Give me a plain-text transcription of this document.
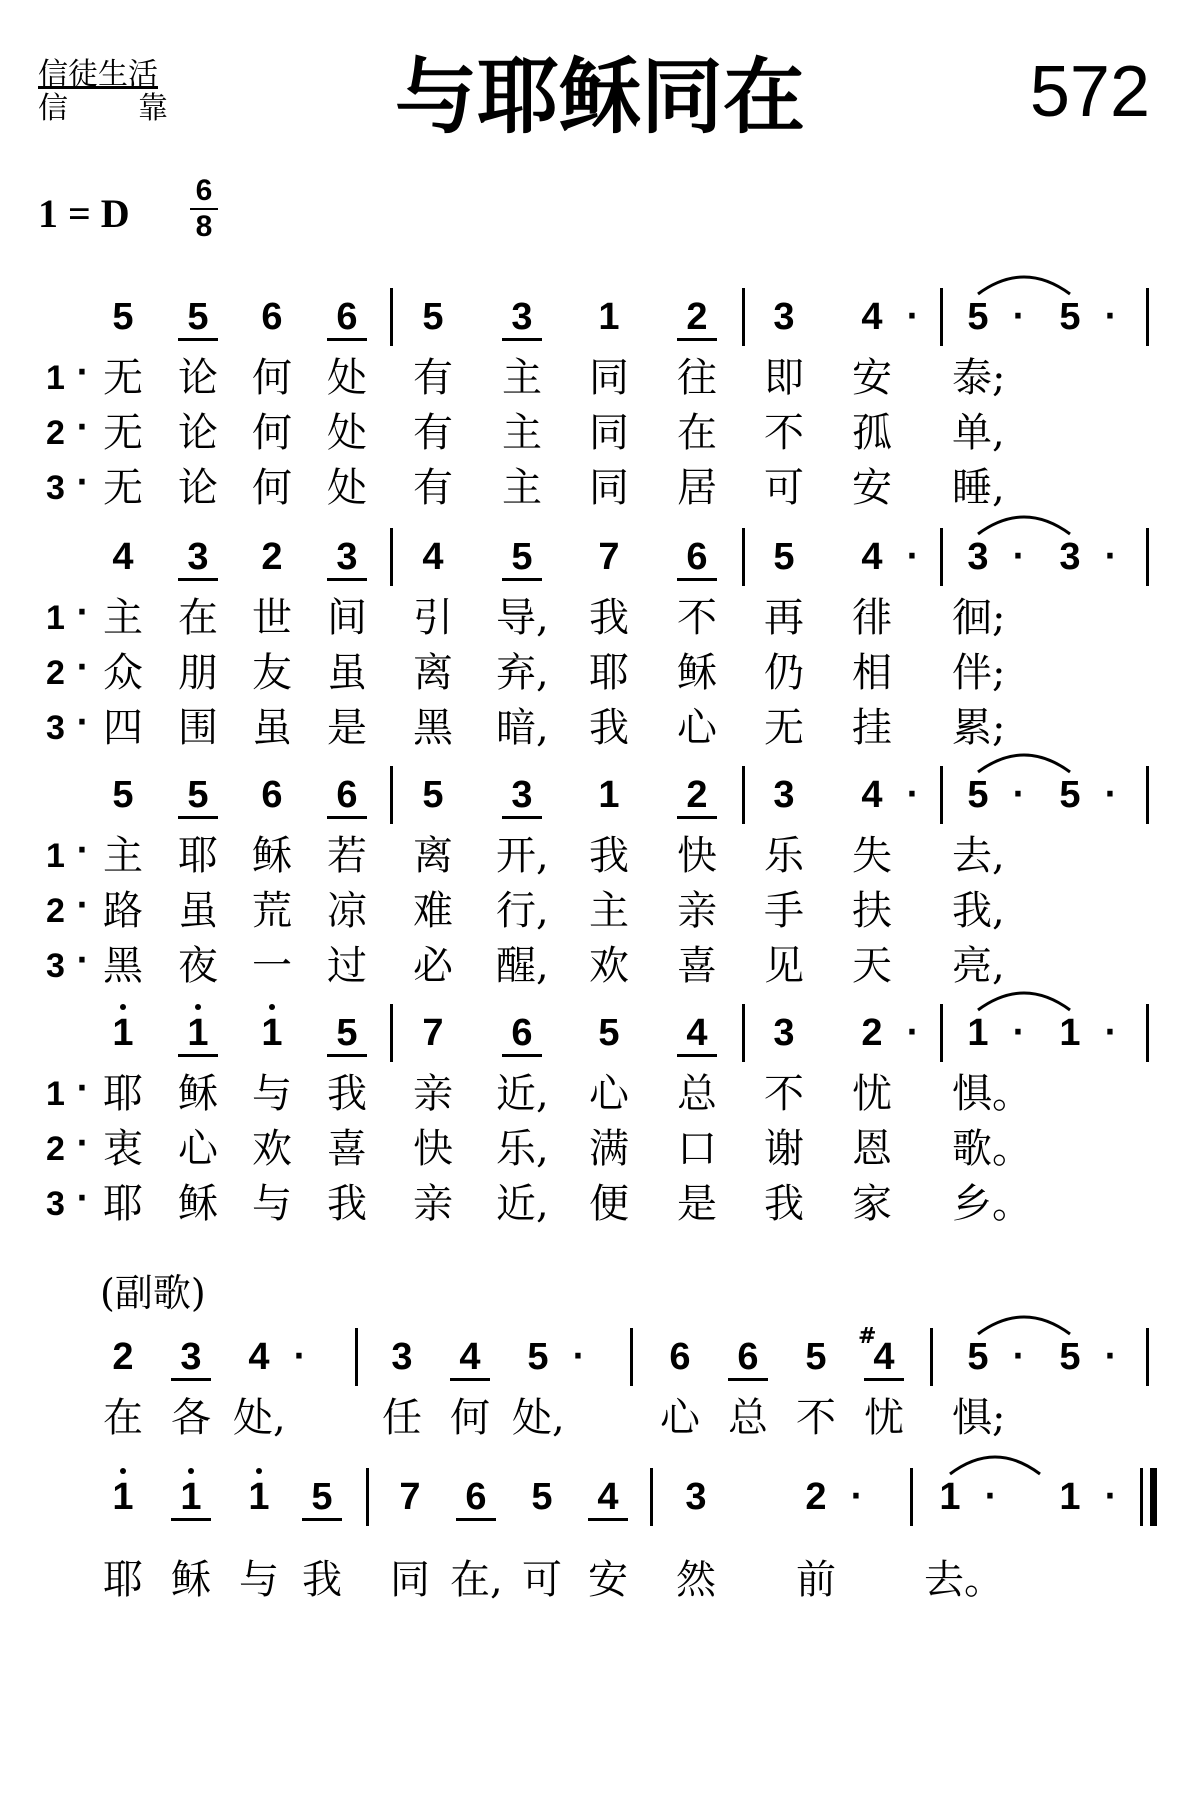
信徒生活
信靠	与耶稣同在	572
1 = D
6
8
5 5 6 6 5 3 1 2 3 4 · 5 · 5 ·
1 · 无 论 何 处 有 主 同 往 即 安 泰;
2 · 无 论 何 处 有 主 同 在 不 孤 单,
3 · 无 论 何 处 有 主 同 居 可 安 睡,
4 3 2 3 4 5 7 6 5 4 · 3 · 3 ·
1 · 主 在 世 间 引 导, 我 不 再 徘 徊;
2 · 众 朋 友 虽 离 弃, 耶 稣 仍 相 伴;
3 · 四 围 虽 是 黑 暗, 我 心 无 挂 累;
5 5 6 6 5 3 1 2 3 4 · 5 · 5 ·
1 · 主 耶 稣 若 离 开, 我 快 乐 失 去,
2 · 路 虽 荒 凉 难 行, 主 亲 手 扶 我,
3 · 黑 夜 一 过 必 醒, 欢 喜 见 天 亮,
1 1 1 5 7 6 5 4 3 2 · 1 · 1 ·
1 · 耶 稣 与 我 亲 近, 心 总 不 忧 惧。
2 · 衷 心 欢 喜 快 乐, 满 口 谢 恩 歌。
3 · 耶 稣 与 我 亲 近, 便 是 我 家 乡。
2 3 4 · 3 4 5 · 6 6 5 4
# 5 · 5 ·
在 各 处, 任 何 处, 心 总 不 忧 惧;
1 1 1 5 7 6 5 4 3	2 · 1 · 1 ·
耶 稣 与 我 同 在, 可 安 然 前 去。
(副歌)
